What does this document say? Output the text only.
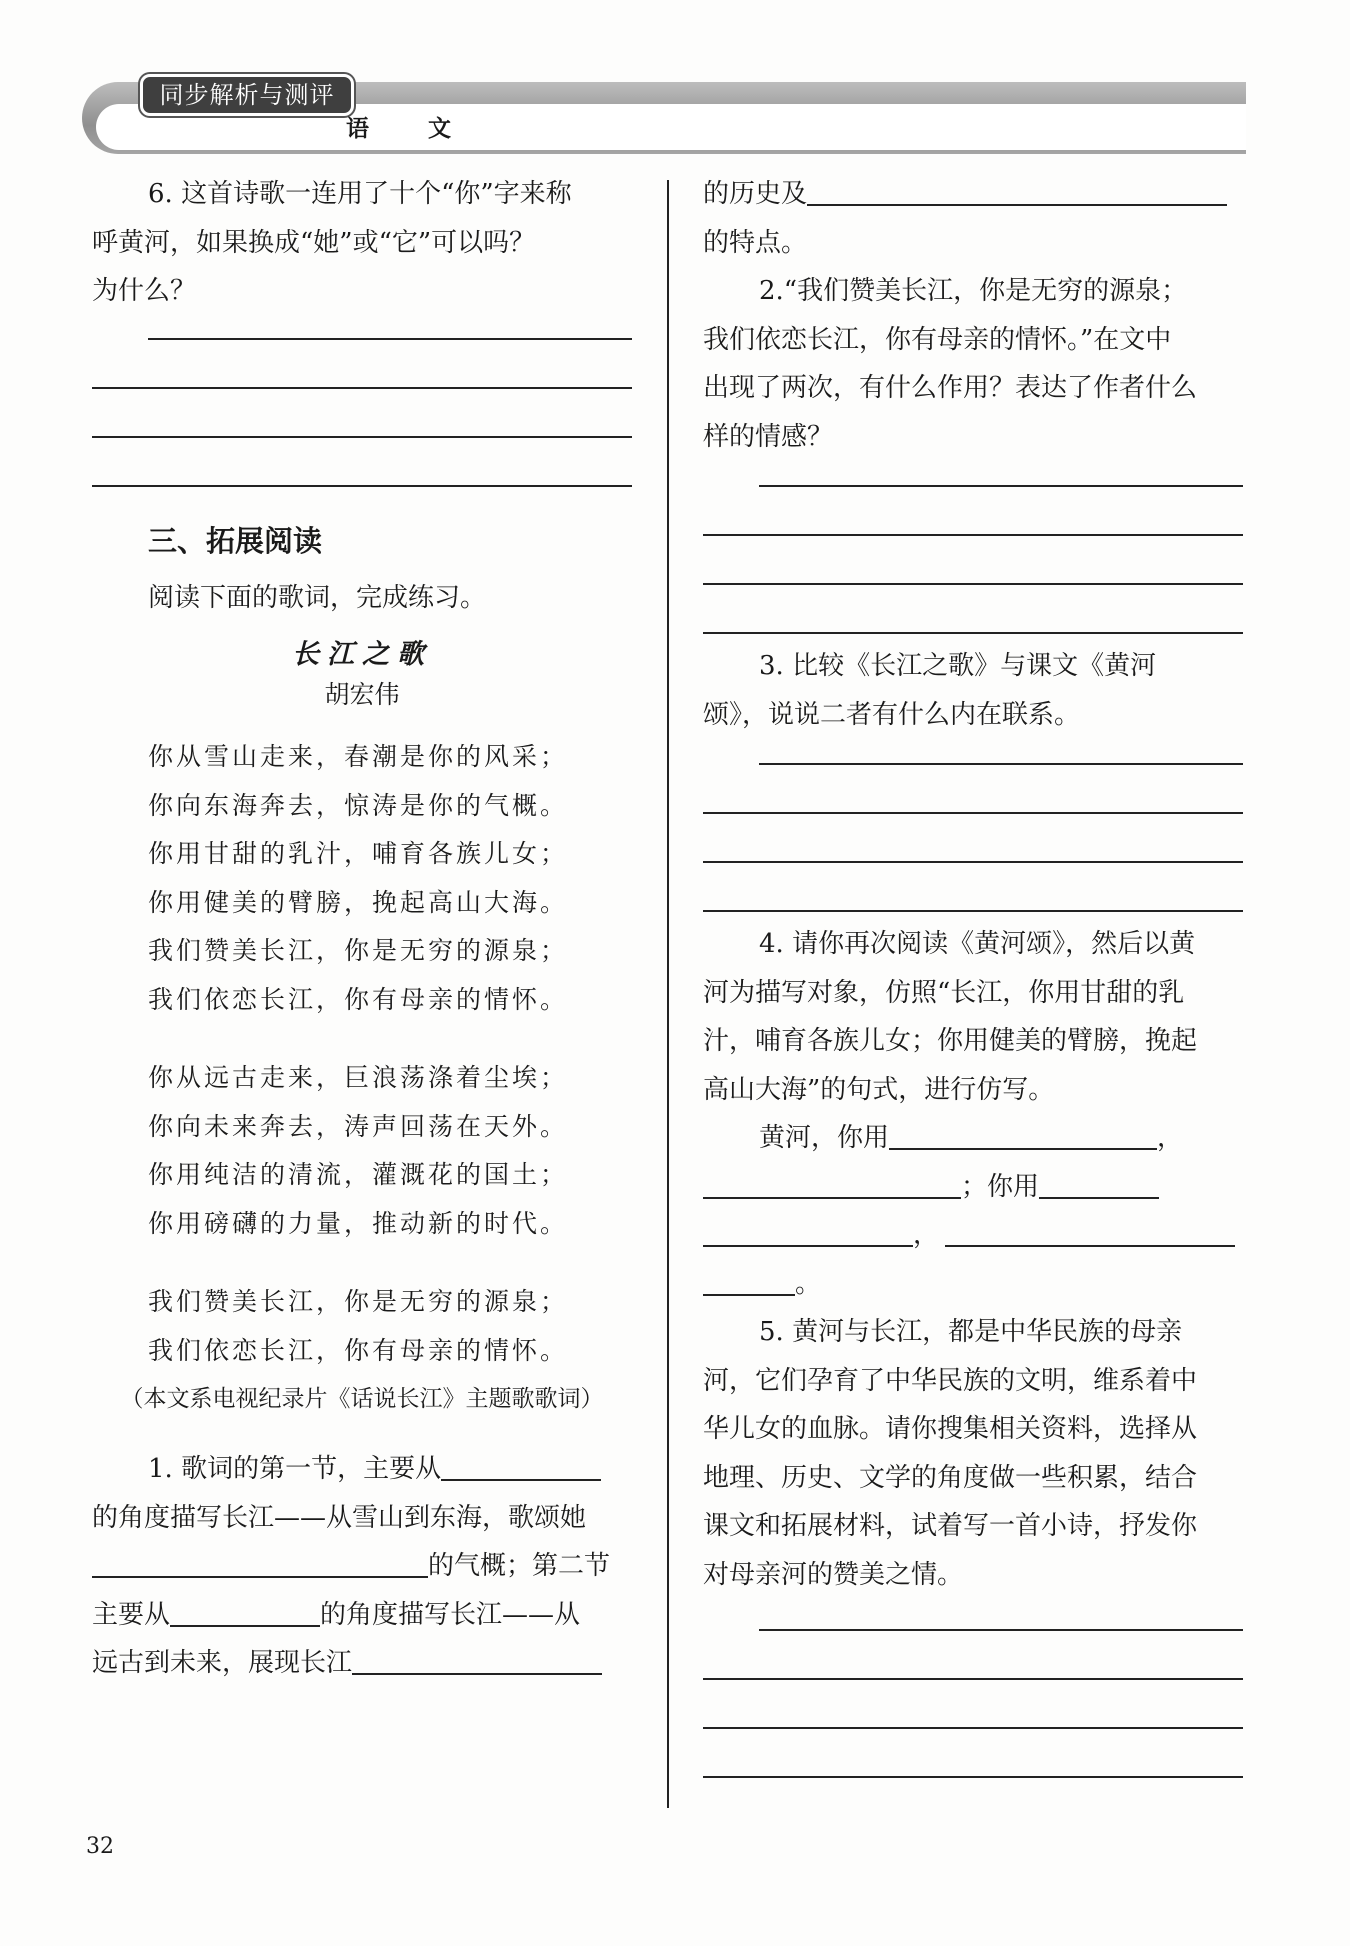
同步解析与测评
语　文

6. 这首诗歌一连用了十个“你”字来称

呼黄河，如果换成“她”或“它”可以吗？

为什么？

三、拓展阅读

阅读下面的歌词，完成练习。

长江之歌

胡宏伟

你从雪山走来，春潮是你的风采；

你向东海奔去，惊涛是你的气概。

你用甘甜的乳汁，哺育各族儿女；

你用健美的臂膀，挽起高山大海。

我们赞美长江，你是无穷的源泉；

我们依恋长江，你有母亲的情怀。

你从远古走来，巨浪荡涤着尘埃；

你向未来奔去，涛声回荡在天外。

你用纯洁的清流，灌溉花的国土；

你用磅礴的力量，推动新的时代。

我们赞美长江，你是无穷的源泉；

我们依恋长江，你有母亲的情怀。

（本文系电视纪录片《话说长江》主题歌歌词）

1. 歌词的第一节，主要从

的角度描写长江——从雪山到东海，歌颂她

的气概；第二节

主要从	的角度描写长江——从

远古到未来，展现长江

的历史及

的特点。

2.“我们赞美长江，你是无穷的源泉；

我们依恋长江，你有母亲的情怀。”在文中

出现了两次，有什么作用？表达了作者什么

样的情感？

3. 比较《长江之歌》与课文《黄河

颂》，说说二者有什么内在联系。

4. 请你再次阅读《黄河颂》，然后以黄

河为描写对象，仿照“长江，你用甘甜的乳

汁，哺育各族儿女；你用健美的臂膀，挽起

高山大海”的句式，进行仿写。

黄河，你用	，

；你用

，

。

5. 黄河与长江，都是中华民族的母亲

河，它们孕育了中华民族的文明，维系着中

华儿女的血脉。请你搜集相关资料，选择从

地理、历史、文学的角度做一些积累，结合

课文和拓展材料，试着写一首小诗，抒发你

对母亲河的赞美之情。

32
